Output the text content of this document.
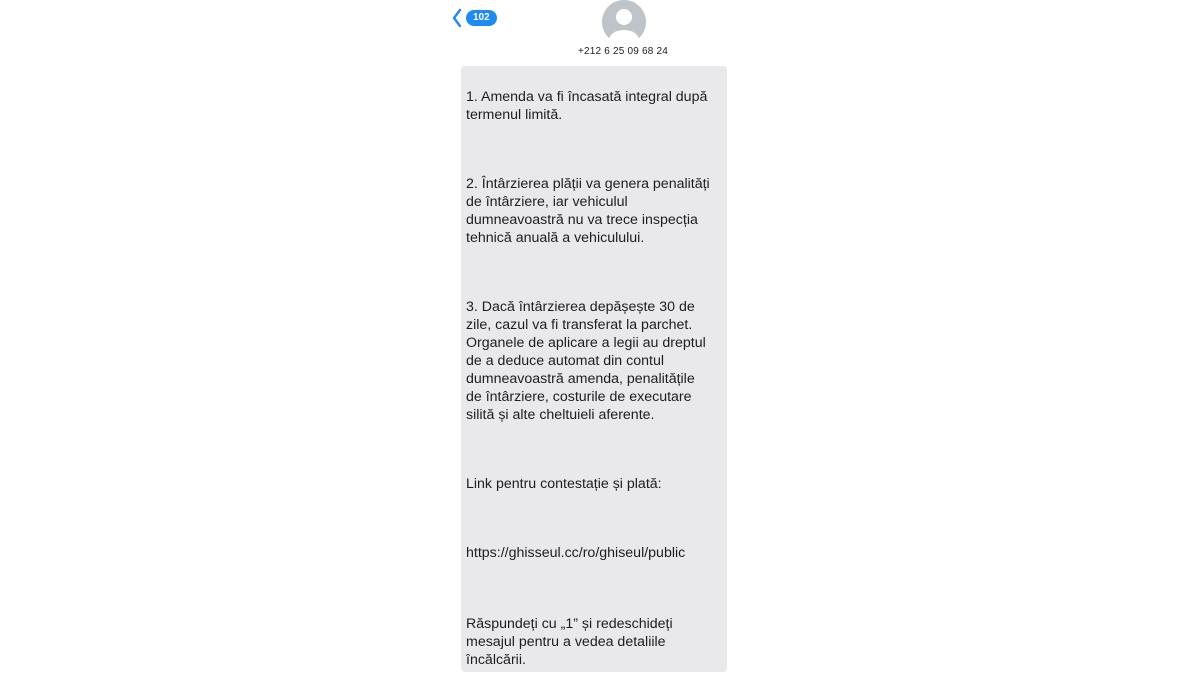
102
+212 6 25 09 68 24

1. Amenda va fi încasată integral după
termenul limită.

2. Întârzierea plății va genera penalități
de întârziere, iar vehiculul
dumneavoastră nu va trece inspecția
tehnică anuală a vehiculului.

3. Dacă întârzierea depășește 30 de
zile, cazul va fi transferat la parchet.
Organele de aplicare a legii au dreptul
de a deduce automat din contul
dumneavoastră amenda, penalitățile
de întârziere, costurile de executare
silită și alte cheltuieli aferente.

Link pentru contestație și plată:

https://ghisseul.cc/ro/ghiseul/public

Răspundeți cu „1” și redeschideți
mesajul pentru a vedea detaliile
încălcării.
